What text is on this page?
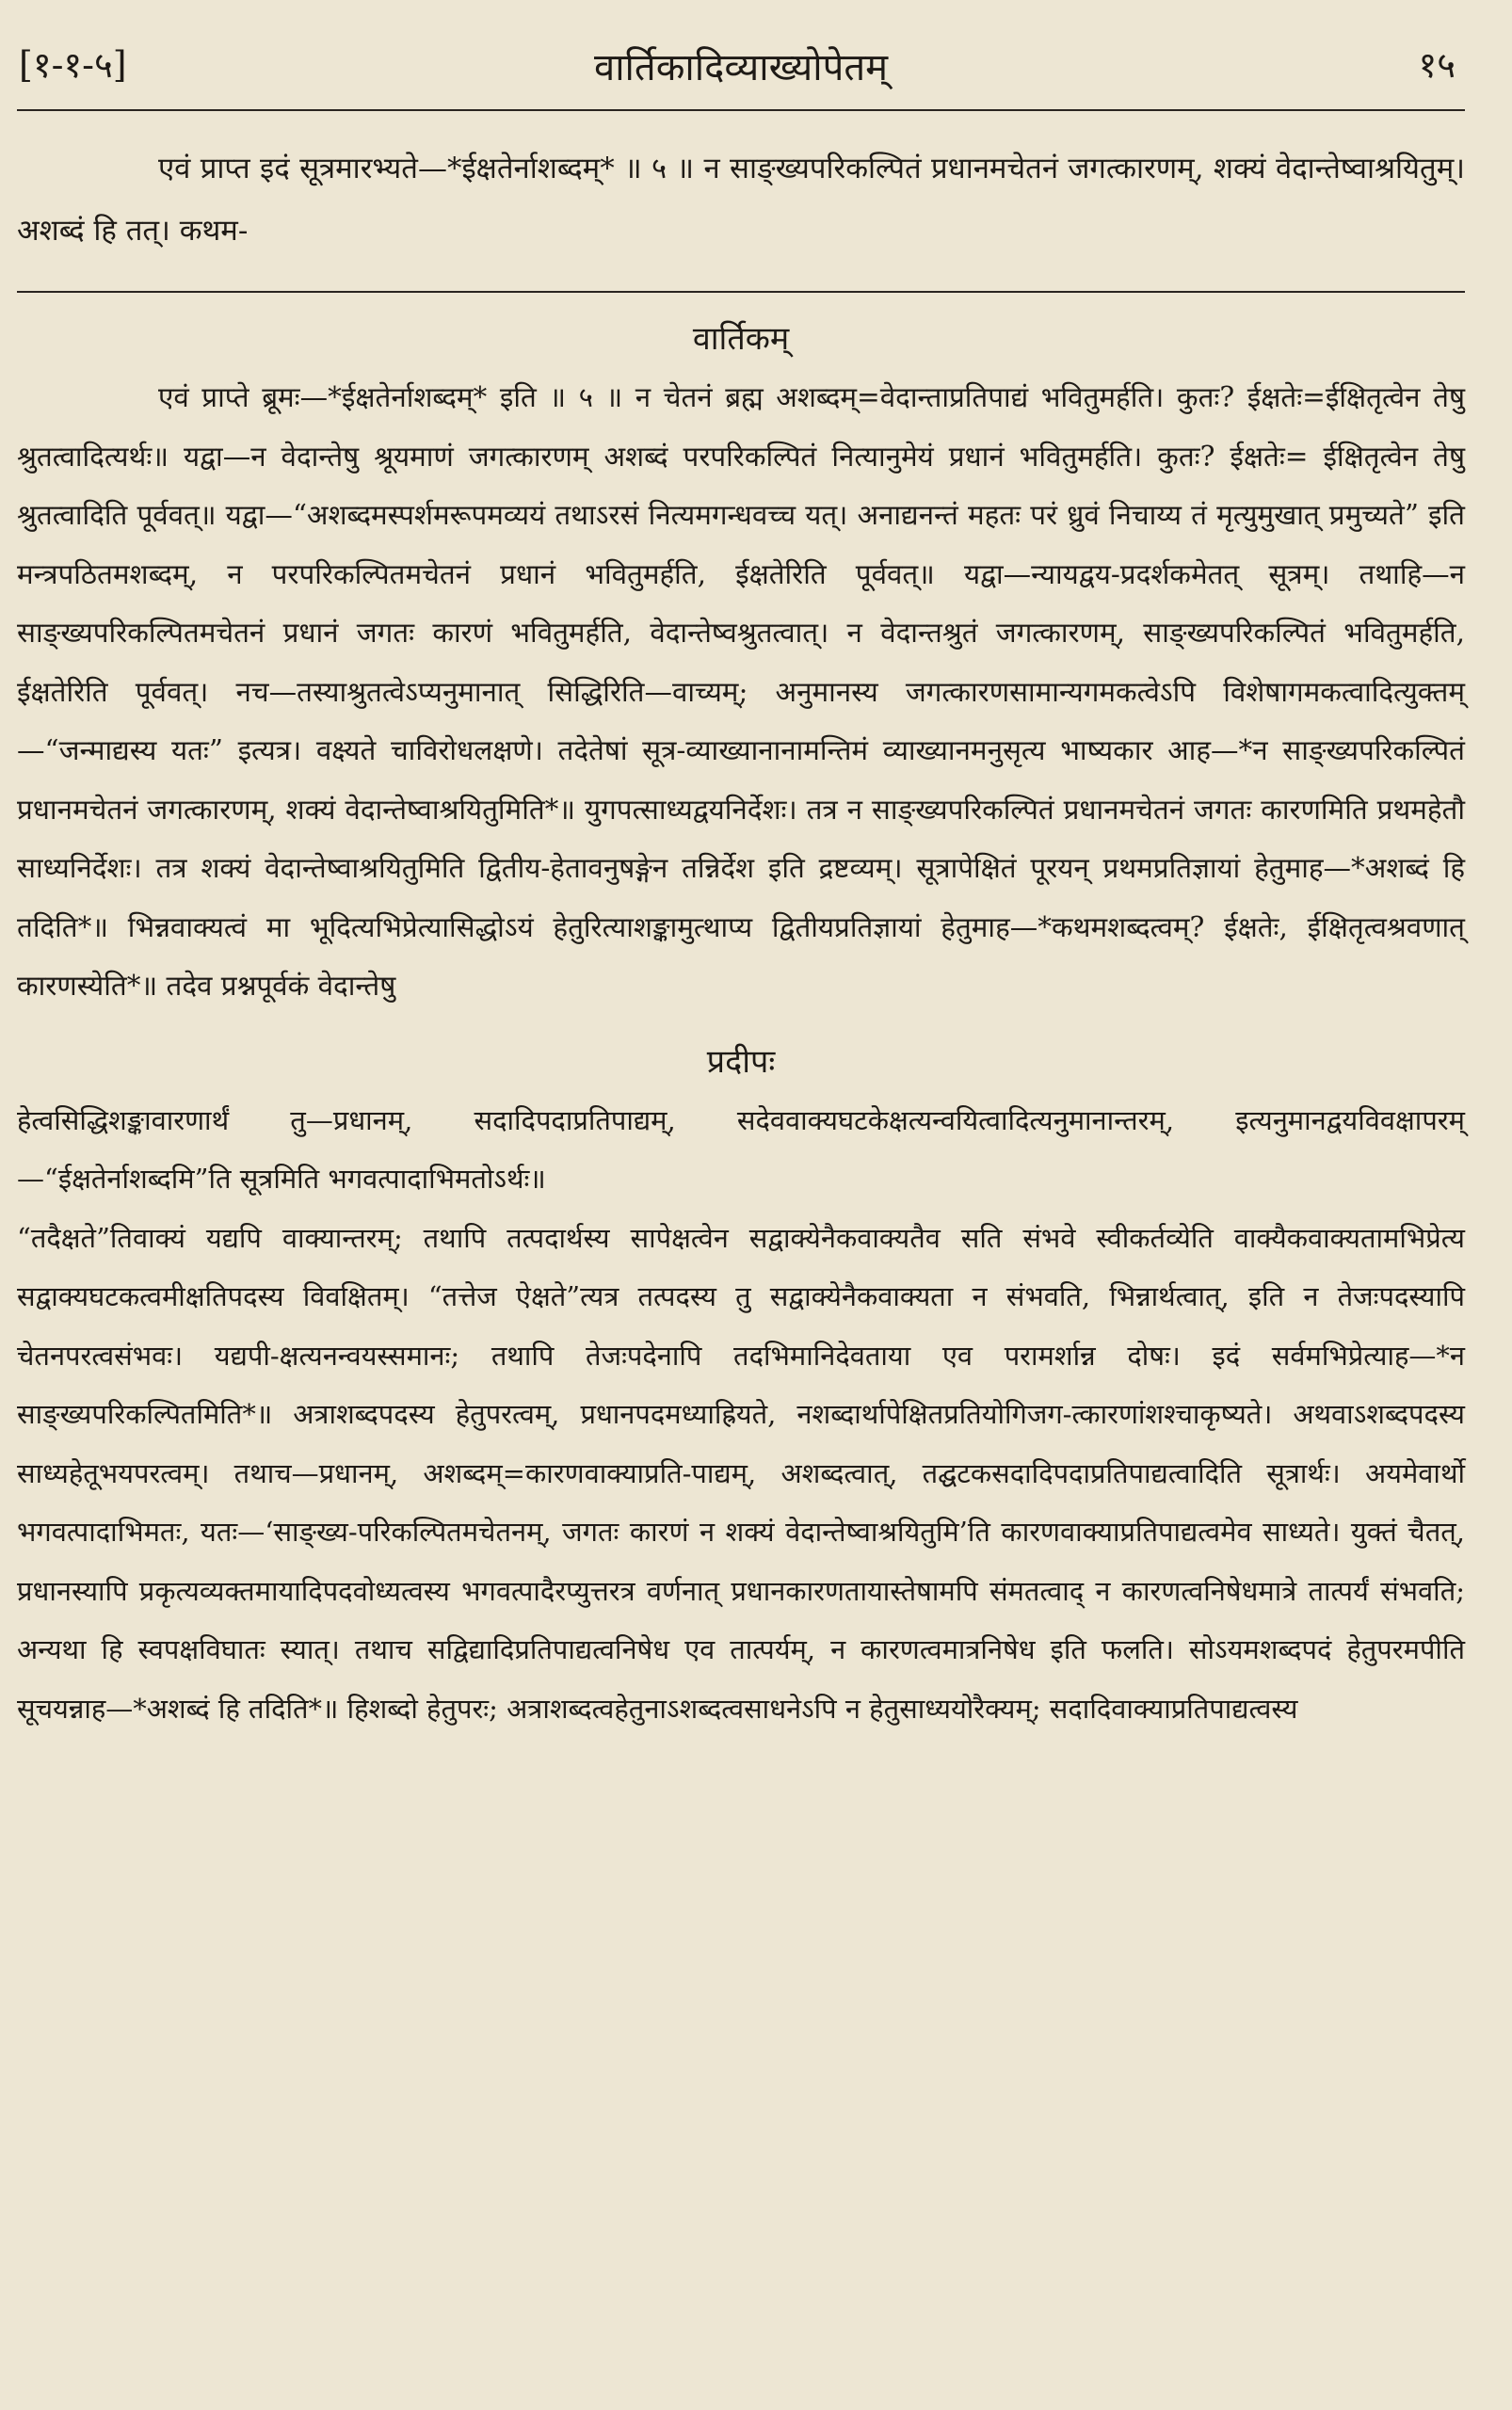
[१-१-५]	वार्तिकादिव्याख्योपेतम्	१५

एवं प्राप्त इदं सूत्रमारभ्यते—*ईक्षतेर्नाशब्दम्* ॥ ५ ॥ न साङ्ख्यपरिकल्पितं प्रधानमचेतनं जगत्कारणम्, शक्यं वेदान्तेष्वाश्रयितुम्। अशब्दं हि तत्। कथम-

वार्तिकम्

एवं प्राप्ते ब्रूमः—*ईक्षतेर्नाशब्दम्* इति ॥ ५ ॥ न चेतनं ब्रह्म अशब्दम्=वेदान्ताप्रतिपाद्यं भवितुमर्हति। कुतः? ईक्षतेः=ईक्षितृत्वेन तेषु श्रुतत्वादित्यर्थः॥ यद्वा—न वेदान्तेषु श्रूयमाणं जगत्कारणम् अशब्दं परपरिकल्पितं नित्यानुमेयं प्रधानं भवितुमर्हति। कुतः? ईक्षतेः= ईक्षितृत्वेन तेषु श्रुतत्वादिति पूर्ववत्॥ यद्वा—“अशब्दमस्पर्शमरूपमव्ययं तथाऽरसं नित्यमगन्धवच्च यत्। अनाद्यनन्तं महतः परं ध्रुवं निचाय्य तं मृत्युमुखात् प्रमुच्यते” इति मन्त्रपठितमशब्दम्, न परपरिकल्पितमचेतनं प्रधानं भवितुमर्हति, ईक्षतेरिति पूर्ववत्॥ यद्वा—न्यायद्वय-प्रदर्शकमेतत् सूत्रम्। तथाहि—न साङ्ख्यपरिकल्पितमचेतनं प्रधानं जगतः कारणं भवितुमर्हति, वेदान्तेष्वश्रुतत्वात्। न वेदान्तश्रुतं जगत्कारणम्, साङ्ख्यपरिकल्पितं भवितुमर्हति, ईक्षतेरिति पूर्ववत्। नच—तस्याश्रुतत्वेऽप्यनुमानात् सिद्धिरिति—वाच्यम्; अनुमानस्य जगत्कारणसामान्यगमकत्वेऽपि विशेषागमकत्वादित्युक्तम्—“जन्माद्यस्य यतः” इत्यत्र। वक्ष्यते चाविरोधलक्षणे। तदेतेषां सूत्र-व्याख्यानानामन्तिमं व्याख्यानमनुसृत्य भाष्यकार आह—*न साङ्ख्यपरिकल्पितं प्रधानमचेतनं जगत्कारणम्, शक्यं वेदान्तेष्वाश्रयितुमिति*॥ युगपत्साध्यद्वयनिर्देशः। तत्र न साङ्ख्यपरिकल्पितं प्रधानमचेतनं जगतः कारणमिति प्रथमहेतौ साध्यनिर्देशः। तत्र शक्यं वेदान्तेष्वाश्रयितुमिति द्वितीय-हेतावनुषङ्गेन तन्निर्देश इति द्रष्टव्यम्। सूत्रापेक्षितं पूरयन् प्रथमप्रतिज्ञायां हेतुमाह—*अशब्दं हि तदिति*॥ भिन्नवाक्यत्वं मा भूदित्यभिप्रेत्यासिद्धोऽयं हेतुरित्याशङ्कामुत्थाप्य द्वितीयप्रतिज्ञायां हेतुमाह—*कथमशब्दत्वम्? ईक्षतेः, ईक्षितृत्वश्रवणात् कारणस्येति*॥ तदेव प्रश्नपूर्वकं वेदान्तेषु

प्रदीपः

हेत्वसिद्धिशङ्कावारणार्थं तु—प्रधानम्, सदादिपदाप्रतिपाद्यम्, सदेववाक्यघटकेक्षत्यन्वयित्वादित्यनुमानान्तरम्, इत्यनुमानद्वयविवक्षापरम्—“ईक्षतेर्नाशब्दमि”ति सूत्रमिति भगवत्पादाभिमतोऽर्थः॥

“तदैक्षते”तिवाक्यं यद्यपि वाक्यान्तरम्; तथापि तत्पदार्थस्य सापेक्षत्वेन सद्वाक्येनैकवाक्यतैव सति संभवे स्वीकर्तव्येति वाक्यैकवाक्यतामभिप्रेत्य सद्वाक्यघटकत्वमीक्षतिपदस्य विवक्षितम्। “तत्तेज ऐक्षते”त्यत्र तत्पदस्य तु सद्वाक्येनैकवाक्यता न संभवति, भिन्नार्थत्वात्, इति न तेजःपदस्यापि चेतनपरत्वसंभवः। यद्यपी-क्षत्यनन्वयस्समानः; तथापि तेजःपदेनापि तदभिमानिदेवताया एव परामर्शान्न दोषः। इदं सर्वमभिप्रेत्याह—*न साङ्ख्यपरिकल्पितमिति*॥ अत्राशब्दपदस्य हेतुपरत्वम्, प्रधानपदमध्याह्रियते, नशब्दार्थापेक्षितप्रतियोगिजग-त्कारणांशश्चाकृष्यते। अथवाऽशब्दपदस्य साध्यहेतूभयपरत्वम्। तथाच—प्रधानम्, अशब्दम्=कारणवाक्याप्रति-पाद्यम्, अशब्दत्वात्, तद्घटकसदादिपदाप्रतिपाद्यत्वादिति सूत्रार्थः। अयमेवार्थो भगवत्पादाभिमतः, यतः—‘साङ्ख्य-परिकल्पितमचेतनम्, जगतः कारणं न शक्यं वेदान्तेष्वाश्रयितुमि’ति कारणवाक्याप्रतिपाद्यत्वमेव साध्यते। युक्तं चैतत्, प्रधानस्यापि प्रकृत्यव्यक्तमायादिपदवोध्यत्वस्य भगवत्पादैरप्युत्तरत्र वर्णनात् प्रधानकारणतायास्तेषामपि संमतत्वाद् न कारणत्वनिषेधमात्रे तात्पर्यं संभवति; अन्यथा हि स्वपक्षविघातः स्यात्। तथाच सद्विद्यादिप्रतिपाद्यत्वनिषेध एव तात्पर्यम्, न कारणत्वमात्रनिषेध इति फलति। सोऽयमशब्दपदं हेतुपरमपीति सूचयन्नाह—*अशब्दं हि तदिति*॥ हिशब्दो हेतुपरः; अत्राशब्दत्वहेतुनाऽशब्दत्वसाधनेऽपि न हेतुसाध्ययोरैक्यम्; सदादिवाक्याप्रतिपाद्यत्वस्य
